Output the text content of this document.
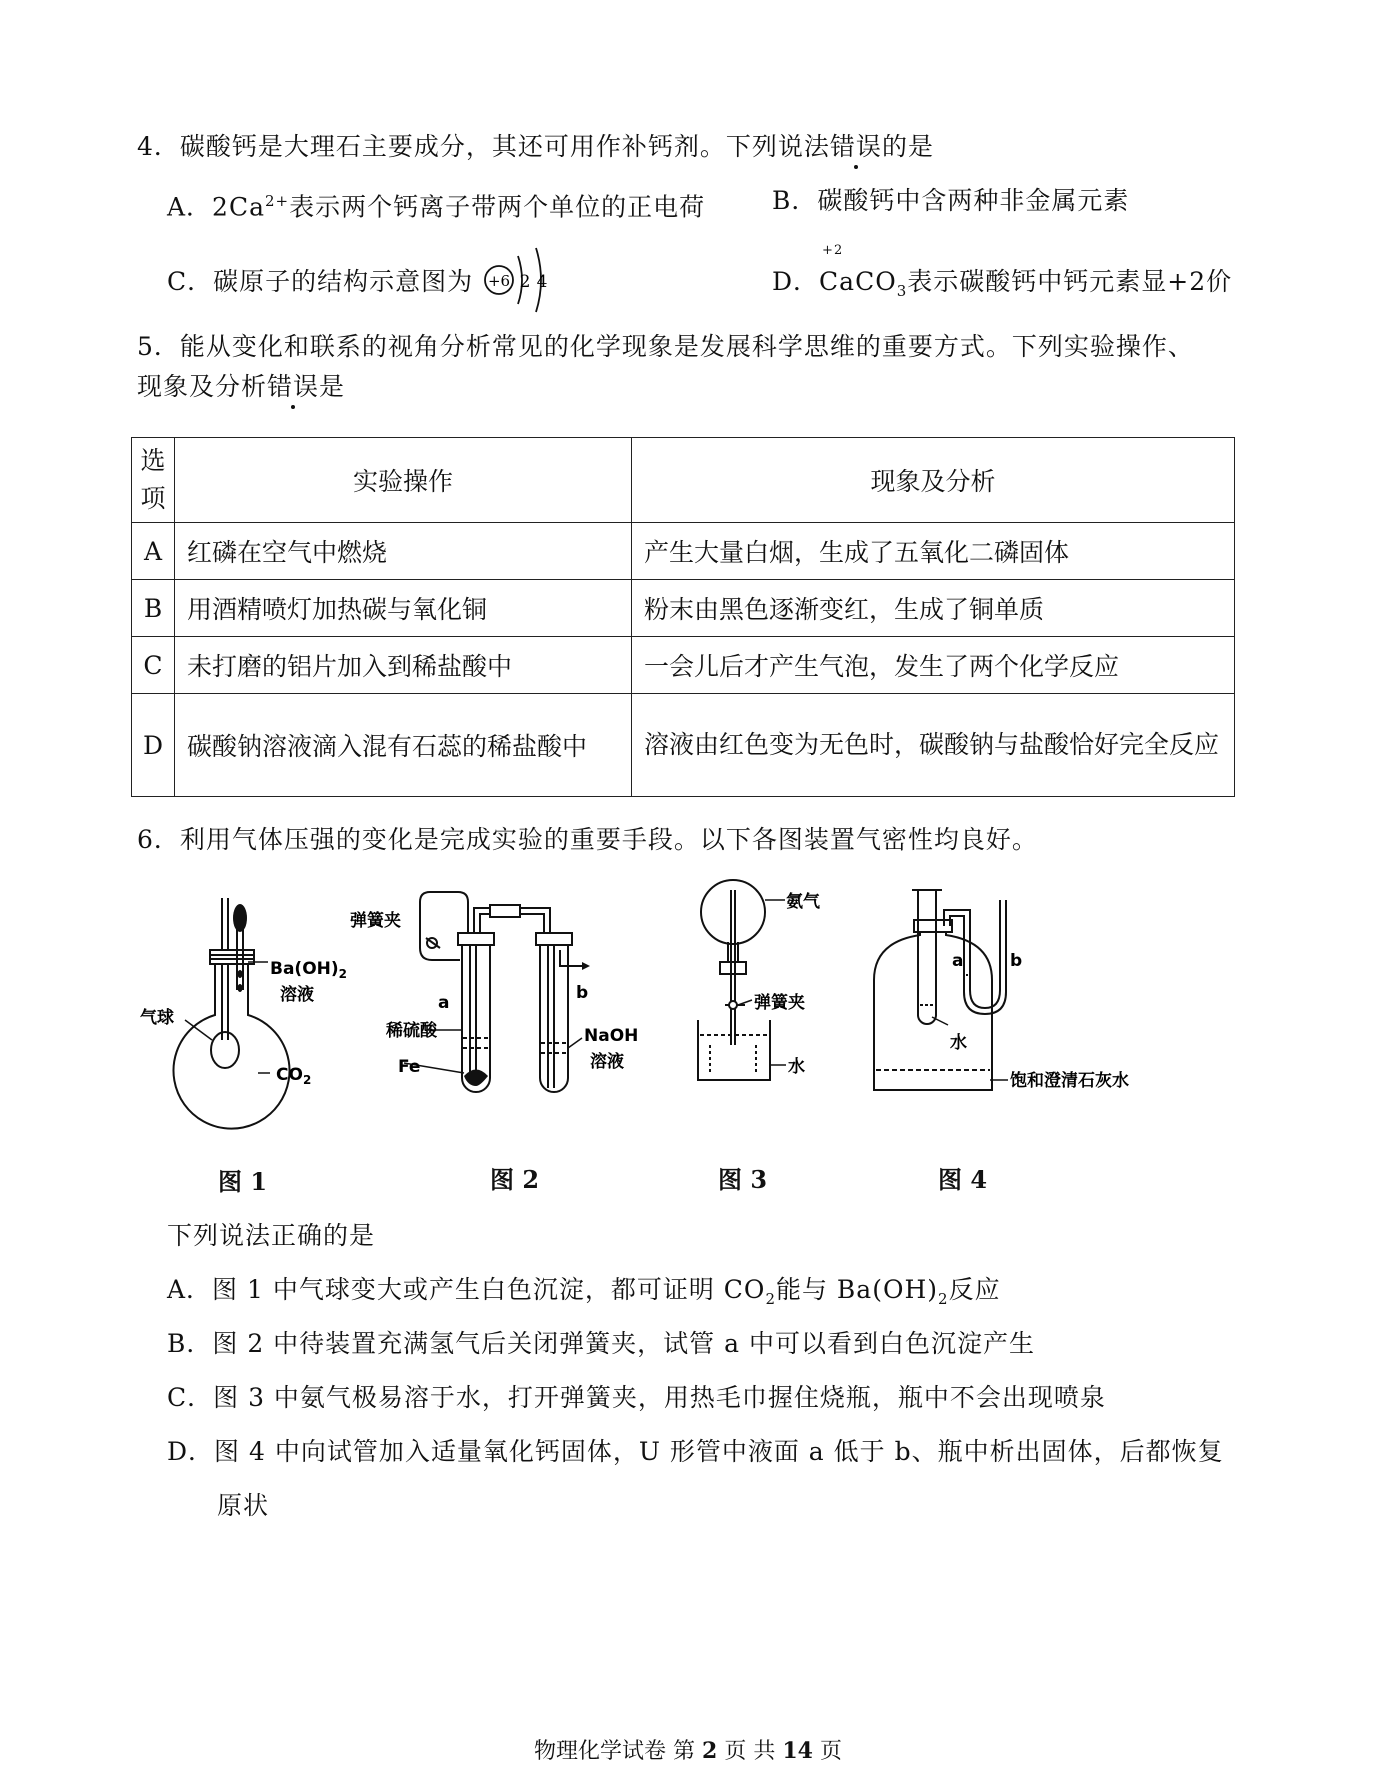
4．碳酸钙是大理石主要成分，其还可用作补钙剂。下列说法错误的是
A．$2Ca^{2+}$表示两个钙离子带两个单位的正电荷	B．碳酸钙中含两种非金属元素
C．碳原子的结构示意图为 +6 2 4	D．
+2
CaCO$_3$表示碳酸钙中钙元素显+2价
5．能从变化和联系的视角分析常见的化学现象是发展科学思维的重要方式。下列实验操作、
现象及分析错误是
选
项	实验操作	现象及分析
A	红磷在空气中燃烧	产生大量白烟，生成了五氧化二磷固体
B	用酒精喷灯加热碳与氧化铜	粉末由黑色逐渐变红，生成了铜单质
C	未打磨的铝片加入到稀盐酸中	一会儿后才产生气泡，发生了两个化学反应
D	碳酸钠溶液滴入混有石蕊的稀盐酸中	溶液由红色变为无色时，碳酸钠与盐酸恰好完全反应
6．利用气体压强的变化是完成实验的重要手段。以下各图装置气密性均良好。
气球
$Ba(OH)_2$
溶液
$CO_2$
弹簧夹
b
a
稀硫酸
Fe
NaOH
溶液
氨气
弹簧夹
水
a	b
水
饱和澄清石灰水
图 1	图 2	图 3	图 4
下列说法正确的是
A．图 1 中气球变大或产生白色沉淀，都可证明 $CO_2$能与 $Ba(OH)_2$反应
B．图 2 中待装置充满氢气后关闭弹簧夹，试管 a 中可以看到白色沉淀产生
C．图 3 中氨气极易溶于水，打开弹簧夹，用热毛巾握住烧瓶，瓶中不会出现喷泉
D．图 4 中向试管加入适量氧化钙固体，U 形管中液面 a 低于 b、瓶中析出固体，后都恢复
原状
物理化学试卷 第 2 页 共 14 页
